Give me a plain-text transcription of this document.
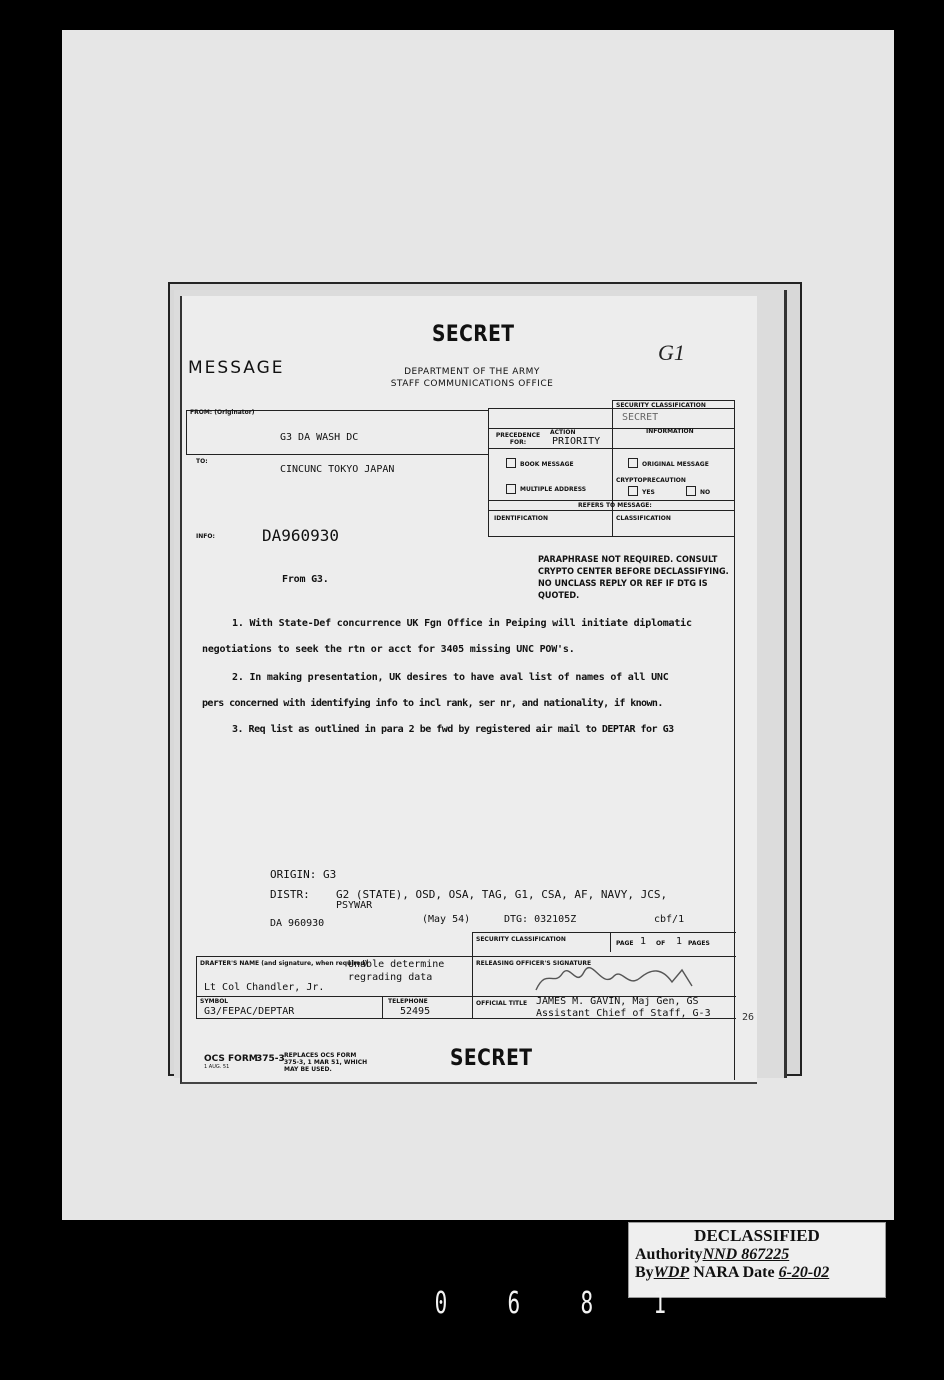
SECRET
MESSAGE	DEPARTMENT OF THE ARMY
STAFF COMMUNICATIONS OFFICE
G1
FROM: (Originator)
G3 DA WASH DC
TO:
CINCUNC TOKYO JAPAN
INFO:	DA960930
SECURITY CLASSIFICATION
SECRET
PRECEDENCE FOR:
ACTION
PRIORITY
INFORMATION
BOOK MESSAGE	ORIGINAL MESSAGE
MULTIPLE ADDRESS
CRYPTOPRECAUTION
YES	NO
REFERS TO MESSAGE:
IDENTIFICATION	CLASSIFICATION
PARAPHRASE NOT REQUIRED. CONSULT
CRYPTO CENTER BEFORE DECLASSIFYING.
NO UNCLASS REPLY OR REF IF DTG IS
QUOTED.
From G3.
1. With State-Def concurrence UK Fgn Office in Peiping will initiate diplomatic
negotiations to seek the rtn or acct for 3405 missing UNC POW's.
2. In making presentation, UK desires to have aval list of names of all UNC
pers concerned with identifying info to incl rank, ser nr, and nationality, if known.
3. Req list as outlined in para 2 be fwd by registered air mail to DEPTAR for G3
ORIGIN: G3
DISTR: G2 (STATE), OSD, OSA, TAG, G1, CSA, AF, NAVY, JCS,
PSYWAR
DA 960930	(May 54)	DTG: 032105Z	cbf/1
SECURITY CLASSIFICATION
PAGE 1 OF 1 PAGES
DRAFTER'S NAME (and signature, when required)
Unable determine regrading data
Lt Col Chandler, Jr.
SYMBOL
G3/FEPAC/DEPTAR
TELEPHONE
52495
RELEASING OFFICER'S SIGNATURE
OFFICIAL TITLE JAMES M. GAVIN, Maj Gen, GS
Assistant Chief of Staff, G-3	26
OCS FORM
1 AUG. 51
375-3 REPLACES OCS FORM 375-3, 1 MAR 51, WHICH MAY BE USED.	SECRET
DECLASSIFIED
AuthorityNND 867225
ByWDP NARA Date 6-20-02
0 6 8 1
